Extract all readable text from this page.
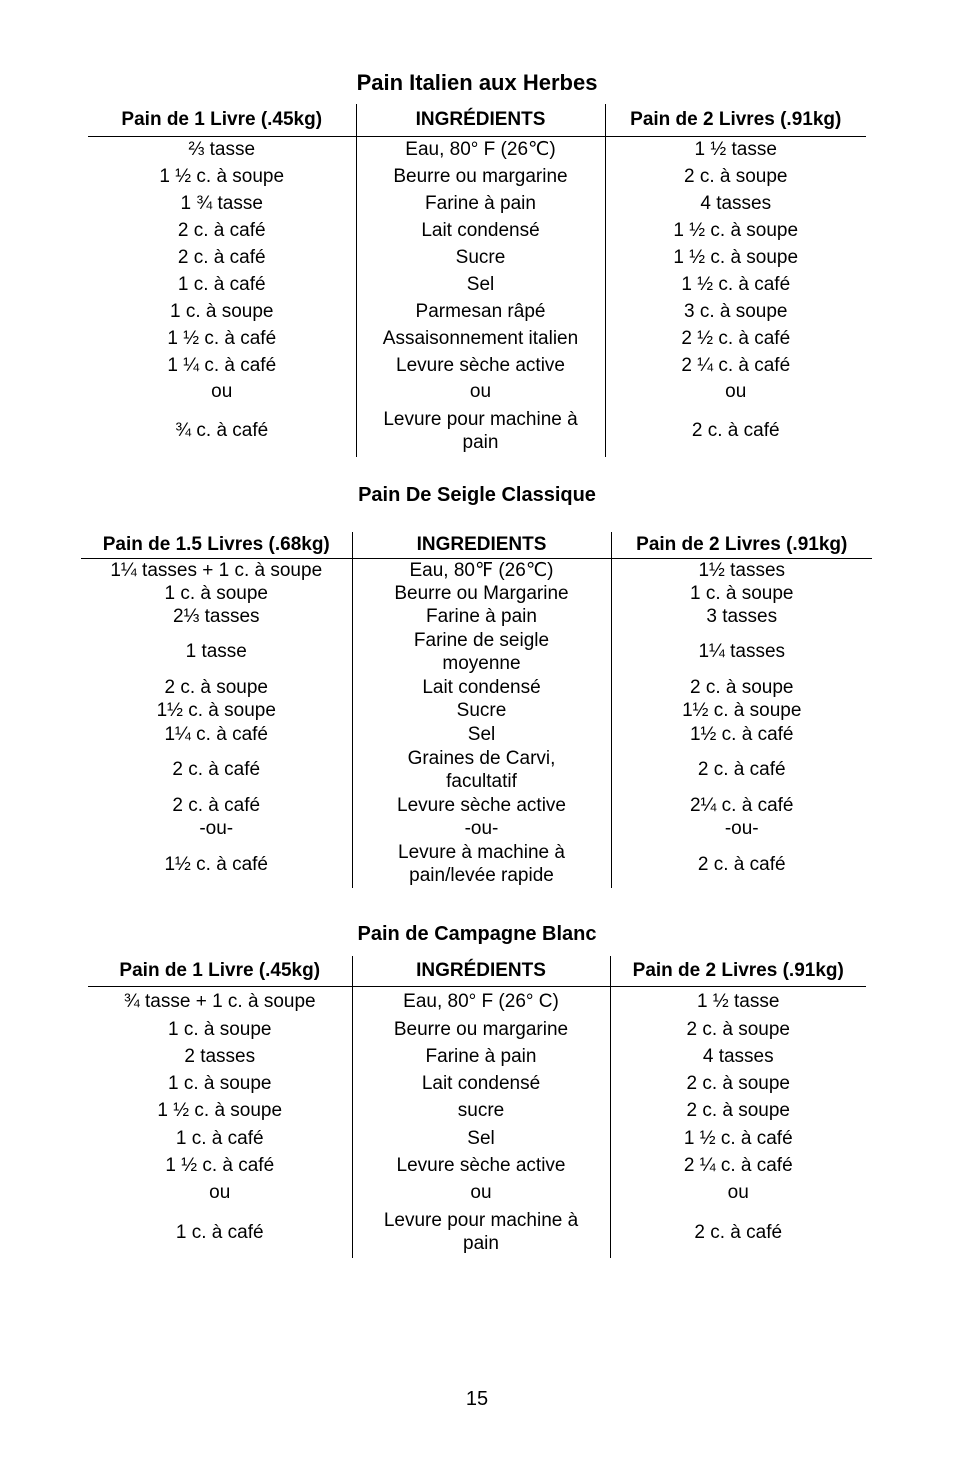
Pain Italien aux Herbes
Pain de 1 Livre (.45kg)	INGRÉDIENTS	Pain de 2 Livres (.91kg)
⅔ tasse	Eau, 80° F (26℃)	1 ½ tasse
1 ½ c. à soupe	Beurre ou margarine	2 c. à soupe
1 ¾ tasse	Farine à pain	4 tasses
2 c. à café	Lait condensé	1 ½ c. à soupe
2 c. à café	Sucre	1 ½ c. à soupe
1 c. à café	Sel	1 ½ c. à café
1 c. à soupe	Parmesan râpé	3 c. à soupe
1 ½ c. à café	Assaisonnement italien	2 ½ c. à café
1 ¼ c. à café	Levure sèche active	2 ¼ c. à café
ou	ou	ou
¾ c. à café	Levure pour machine à pain	2 c. à café
Pain De Seigle Classique
Pain de 1.5 Livres (.68kg)	INGREDIENTS	Pain de 2 Livres (.91kg)
1¼ tasses + 1 c. à soupe	Eau, 80℉ (26℃)	1½ tasses
1 c. à soupe	Beurre ou Margarine	1 c. à soupe
2⅓ tasses	Farine à pain	3 tasses
1 tasse	Farine de seigle moyenne	1¼ tasses
2 c. à soupe	Lait condensé	2 c. à soupe
1½ c. à soupe	Sucre	1½ c. à soupe
1¼ c. à café	Sel	1½ c. à café
2 c. à café	Graines de Carvi, facultatif	2 c. à café
2 c. à café	Levure sèche active	2¼ c. à café
-ou-	-ou-	-ou-
1½ c. à café	Levure à machine à pain/levée rapide	2 c. à café
Pain de Campagne Blanc
Pain de 1 Livre (.45kg)	INGRÉDIENTS	Pain de 2 Livres (.91kg)
¾ tasse + 1 c. à soupe	Eau, 80° F (26° C)	1 ½ tasse
1 c. à soupe	Beurre ou margarine	2 c. à soupe
2 tasses	Farine à pain	4 tasses
1 c. à soupe	Lait condensé	2 c. à soupe
1 ½ c. à soupe	sucre	2 c. à soupe
1 c. à café	Sel	1 ½ c. à café
1 ½ c. à café	Levure sèche active	2 ¼ c. à café
ou	ou	ou
1 c. à café	Levure pour machine à pain	2 c. à café
15
